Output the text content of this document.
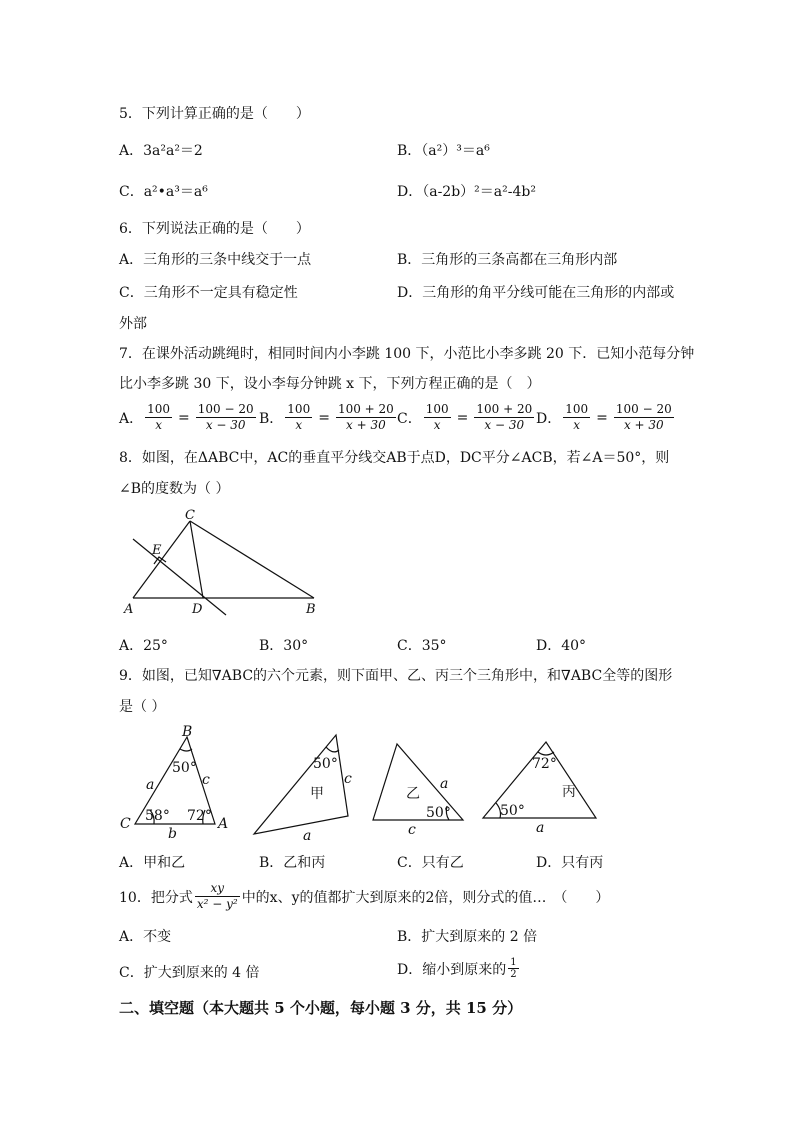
5．下列计算正确的是（　　）
A．3a²a²＝2	B．（a²）³＝a⁶
C．a²•a³＝a⁶	D．（a-2b）²＝a²-4b²
6．下列说法正确的是（　　）
A．三角形的三条中线交于一点	B．三角形的三条高都在三角形内部
C．三角形不一定具有稳定性	D．三角形的角平分线可能在三角形的内部或
外部
7．在课外活动跳绳时，相同时间内小李跳 100 下，小范比小李多跳 20 下．已知小范每分钟
比小李多跳 30 下，设小李每分钟跳 x 下，下列方程正确的是（　）
A． $\frac{100}{x} = \frac{100 - 20}{x - 30}$ B． $\frac{100}{x} = \frac{100 + 20}{x + 30}$ C． $\frac{100}{x} = \frac{100 + 20}{x - 30}$ D． $\frac{100}{x} = \frac{100 - 20}{x + 30}$
8．如图，在ΔABC中，AC的垂直平分线交AB于点D，DC平分∠ACB，若∠A＝50°，则
∠B的度数为（ ）
C
E
A	D	B
A．25°	B．30°	C．35°	D．40°
9．如图，已知∇ABC的六个元素，则下面甲、乙、丙三个三角形中，和∇ABC全等的图形
是（ ）
B
C	A
a	c
b
50°
58° 72°
50°
c
a
甲
a
c
50°
乙
72°
50°
a
丙
A．甲和乙	B．乙和丙	C．只有乙	D．只有丙
10．把分式 $\frac{xy}{\text{x² − y²}}$ 中的x、y的值都扩大到原来的2倍，则分式的值…　（　　）
A．不变	B．扩大到原来的 2 倍
C．扩大到原来的 4 倍	D．缩小到原来的 $\frac{1}{2}$
二、填空题（本大题共 5 个小题，每小题 3 分，共 15 分）
